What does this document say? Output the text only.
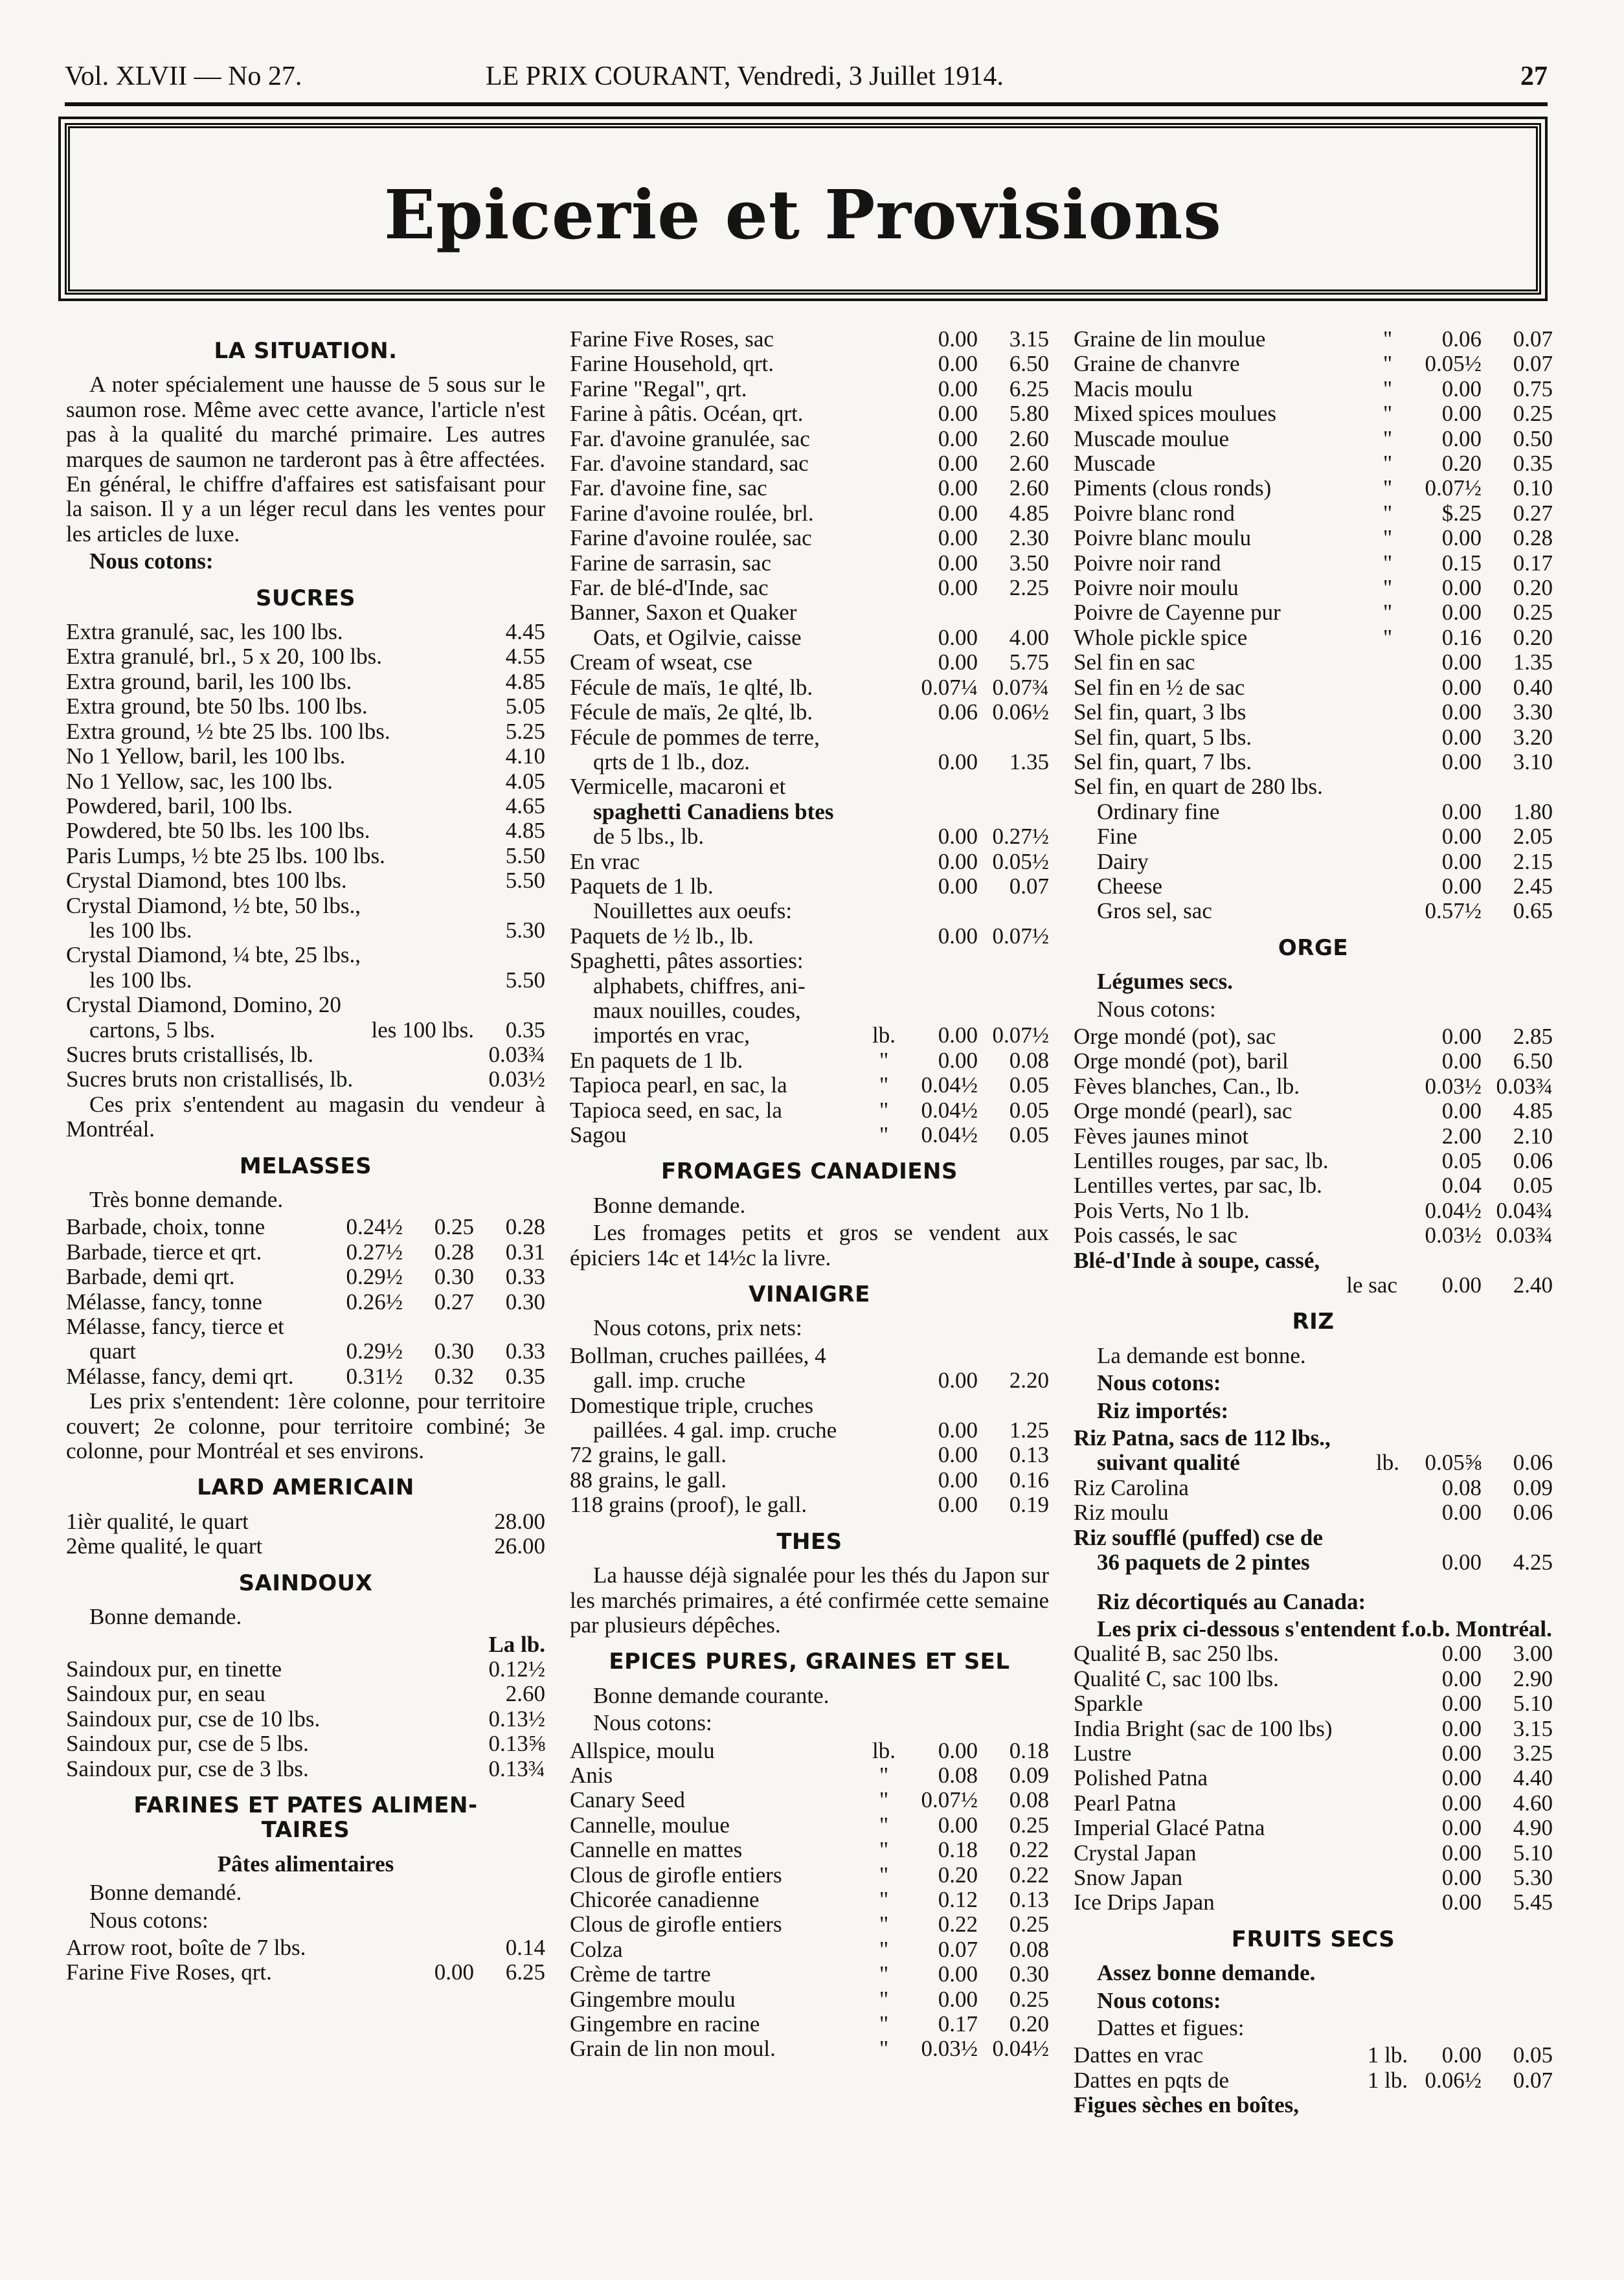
Vol. XLVII — No 27.	LE PRIX COURANT, Vendredi, 3 Juillet 1914.	27
Epicerie et Provisions
LA SITUATION.

A noter spécialement une hausse de 5 sous sur le saumon rose. Même avec cette avance, l'article n'est pas à la qualité du marché primaire. Les autres marques de saumon ne tarderont pas à être affectées. En général, le chiffre d'affaires est satisfaisant pour la saison. Il y a un léger recul dans les ventes pour les articles de luxe.

Nous cotons:
SUCRES
Extra granulé, sac, les 100 lbs.	4.45
Extra granulé, brl., 5 x 20, 100 lbs.	4.55
Extra ground, baril, les 100 lbs.	4.85
Extra ground, bte 50 lbs. 100 lbs.	5.05
Extra ground, ½ bte 25 lbs. 100 lbs.	5.25
No 1 Yellow, baril, les 100 lbs.	4.10
No 1 Yellow, sac, les 100 lbs.	4.05
Powdered, baril, 100 lbs.	4.65
Powdered, bte 50 lbs. les 100 lbs.	4.85
Paris Lumps, ½ bte 25 lbs. 100 lbs.	5.50
Crystal Diamond, btes 100 lbs.	5.50
Crystal Diamond, ½ bte, 50 lbs.,
les 100 lbs.	5.30
Crystal Diamond, ¼ bte, 25 lbs.,
les 100 lbs.	5.50
Crystal Diamond, Domino, 20
cartons, 5 lbs.	les 100 lbs.	0.35
Sucres bruts cristallisés, lb.	0.03¾
Sucres bruts non cristallisés, lb.	0.03½

Ces prix s'entendent au magasin du vendeur à Montréal.

MELASSES
Très bonne demande.
Barbade, choix, tonne	0.24½	0.25	0.28
Barbade, tierce et qrt.	0.27½	0.28	0.31
Barbade, demi qrt.	0.29½	0.30	0.33
Mélasse, fancy, tonne	0.26½	0.27	0.30
Mélasse, fancy, tierce et
quart	0.29½	0.30	0.33
Mélasse, fancy, demi qrt.	0.31½	0.32	0.35

Les prix s'entendent: 1ère colonne, pour territoire couvert; 2e colonne, pour territoire combiné; 3e colonne, pour Montréal et ses environs.

LARD AMERICAIN
1ièr qualité, le quart	28.00
2ème qualité, le quart	26.00
SAINDOUX
Bonne demande.
La lb.
Saindoux pur, en tinette	0.12½
Saindoux pur, en seau	2.60
Saindoux pur, cse de 10 lbs.	0.13½
Saindoux pur, cse de 5 lbs.	0.13⅝
Saindoux pur, cse de 3 lbs.	0.13¾
FARINES ET PATES ALIMEN-
TAIRES
Pâtes alimentaires
Bonne demandé.
Nous cotons:
Arrow root, boîte de 7 lbs.	0.14
Farine Five Roses, qrt.	0.00	6.25
Farine Five Roses, sac	0.00	3.15
Farine Household, qrt.	0.00	6.50
Farine "Regal", qrt.	0.00	6.25
Farine à pâtis. Océan, qrt.	0.00	5.80
Far. d'avoine granulée, sac	0.00	2.60
Far. d'avoine standard, sac	0.00	2.60
Far. d'avoine fine, sac	0.00	2.60
Farine d'avoine roulée, brl.	0.00	4.85
Farine d'avoine roulée, sac	0.00	2.30
Farine de sarrasin, sac	0.00	3.50
Far. de blé-d'Inde, sac	0.00	2.25
Banner, Saxon et Quaker
Oats, et Ogilvie, caisse	0.00	4.00
Cream of wseat, cse	0.00	5.75
Fécule de maïs, 1e qlté, lb.	0.07¼ 0.07¾
Fécule de maïs, 2e qlté, lb.	0.06 0.06½
Fécule de pommes de terre,
qrts de 1 lb., doz.	0.00	1.35
Vermicelle, macaroni et
spaghetti Canadiens btes
de 5 lbs., lb.	0.00 0.27½
En vrac	0.00 0.05½
Paquets de 1 lb.	0.00	0.07
Nouillettes aux oeufs:
Paquets de ½ lb., lb.	0.00 0.07½
Spaghetti, pâtes assorties:
alphabets, chiffres, ani-
maux nouilles, coudes,
importés en vrac,	lb.	0.00 0.07½
En paquets de 1 lb.	"	0.00	0.08
Tapioca pearl, en sac, la	"	0.04½	0.05
Tapioca seed, en sac, la	"	0.04½	0.05
Sagou	"	0.04½	0.05
FROMAGES CANADIENS
Bonne demande.

Les fromages petits et gros se vendent aux épiciers 14c et 14½c la livre.

VINAIGRE
Nous cotons, prix nets:
Bollman, cruches paillées, 4
gall. imp. cruche	0.00	2.20
Domestique triple, cruches
paillées. 4 gal. imp. cruche	0.00	1.25
72 grains, le gall.	0.00	0.13
88 grains, le gall.	0.00	0.16
118 grains (proof), le gall.	0.00	0.19
THES

La hausse déjà signalée pour les thés du Japon sur les marchés primaires, a été confirmée cette semaine par plusieurs dépêches.

EPICES PURES, GRAINES ET SEL
Bonne demande courante.
Nous cotons:
Allspice, moulu	lb.	0.00	0.18
Anis	"	0.08	0.09
Canary Seed	"	0.07½	0.08
Cannelle, moulue	"	0.00	0.25
Cannelle en mattes	"	0.18	0.22
Clous de girofle entiers	"	0.20	0.22
Chicorée canadienne	"	0.12	0.13
Clous de girofle entiers	"	0.22	0.25
Colza	"	0.07	0.08
Crème de tartre	"	0.00	0.30
Gingembre moulu	"	0.00	0.25
Gingembre en racine	"	0.17	0.20
Grain de lin non moul.	"	0.03½ 0.04½
Graine de lin moulue	"	0.06	0.07
Graine de chanvre	"	0.05½	0.07
Macis moulu	"	0.00	0.75
Mixed spices moulues	"	0.00	0.25
Muscade moulue	"	0.00	0.50
Muscade	"	0.20	0.35
Piments (clous ronds)	"	0.07½	0.10
Poivre blanc rond	"	$.25	0.27
Poivre blanc moulu	"	0.00	0.28
Poivre noir rand	"	0.15	0.17
Poivre noir moulu	"	0.00	0.20
Poivre de Cayenne pur	"	0.00	0.25
Whole pickle spice	"	0.16	0.20
Sel fin en sac	0.00	1.35
Sel fin en ½ de sac	0.00	0.40
Sel fin, quart, 3 lbs	0.00	3.30
Sel fin, quart, 5 lbs.	0.00	3.20
Sel fin, quart, 7 lbs.	0.00	3.10
Sel fin, en quart de 280 lbs.
Ordinary fine	0.00	1.80
Fine	0.00	2.05
Dairy	0.00	2.15
Cheese	0.00	2.45
Gros sel, sac	0.57½	0.65
ORGE
Légumes secs.
Nous cotons:
Orge mondé (pot), sac	0.00	2.85
Orge mondé (pot), baril	0.00	6.50
Fèves blanches, Can., lb.	0.03½ 0.03¾
Orge mondé (pearl), sac	0.00	4.85
Fèves jaunes minot	2.00	2.10
Lentilles rouges, par sac, lb.	0.05	0.06
Lentilles vertes, par sac, lb.	0.04	0.05
Pois Verts, No 1 lb.	0.04½ 0.04¾
Pois cassés, le sac	0.03½ 0.03¾
Blé-d'Inde à soupe, cassé,
le sac	0.00	2.40
RIZ
La demande est bonne.
Nous cotons:
Riz importés:
Riz Patna, sacs de 112 lbs.,
suivant qualité	lb.	0.05⅝	0.06
Riz Carolina	0.08	0.09
Riz moulu	0.00	0.06
Riz soufflé (puffed) cse de
36 paquets de 2 pintes	0.00	4.25
Riz décortiqués au Canada:

Les prix ci-dessous s'entendent f.o.b. Montréal.

Qualité B, sac 250 lbs.	0.00	3.00
Qualité C, sac 100 lbs.	0.00	2.90
Sparkle	0.00	5.10
India Bright (sac de 100 lbs)	0.00	3.15
Lustre	0.00	3.25
Polished Patna	0.00	4.40
Pearl Patna	0.00	4.60
Imperial Glacé Patna	0.00	4.90
Crystal Japan	0.00	5.10
Snow Japan	0.00	5.30
Ice Drips Japan	0.00	5.45
FRUITS SECS
Assez bonne demande.
Nous cotons:
Dattes et figues:
Dattes en vrac	1 lb.	0.00	0.05
Dattes en pqts de	1 lb. 0.06½	0.07
Figues sèches en boîtes,
